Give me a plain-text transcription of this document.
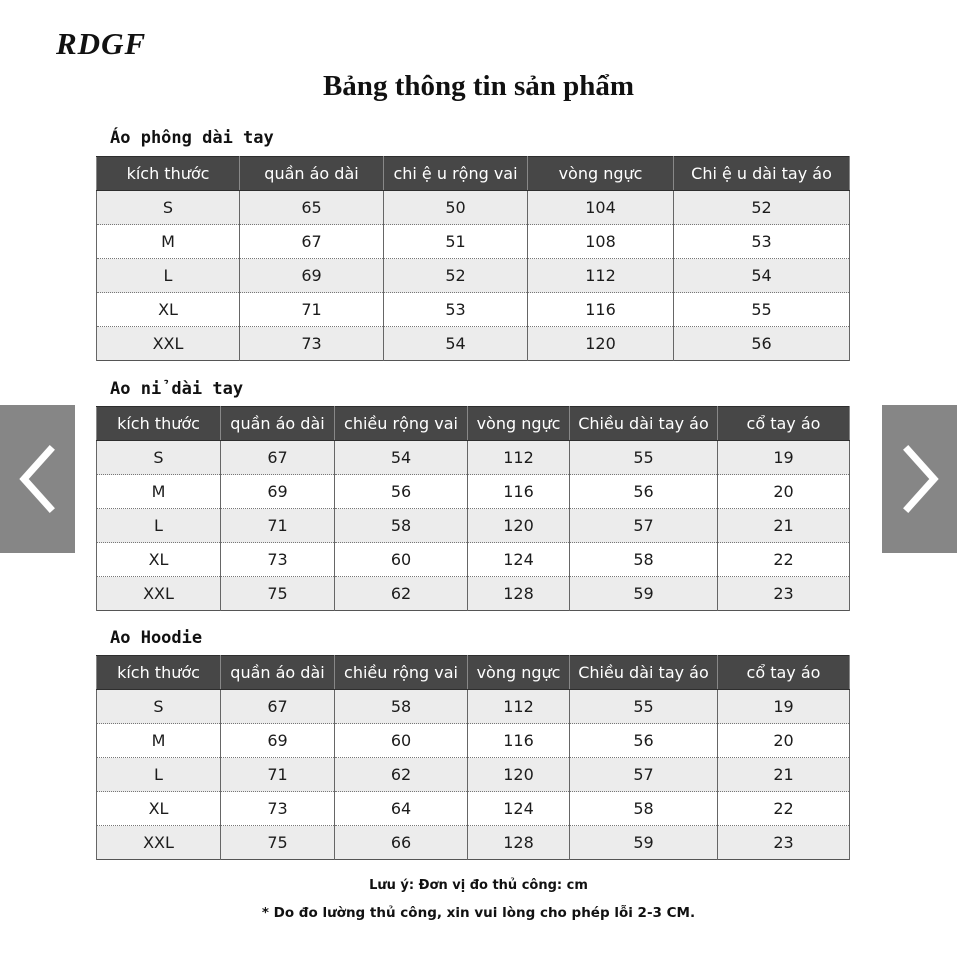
RDGF
Bảng thông tin sản phẩm
Áo phông dài tay
kích thước	quần áo dài	chi ệ u rộng vai	vòng ngực	Chi ệ u dài tay áo
S	65	50	104	52
M	67	51	108	53
L	69	52	112	54
XL	71	53	116	55
XXL	73	54	120	56
Ao nỉ dài tay
kích thước	quần áo dài	chiều rộng vai	vòng ngực	Chiều dài tay áo	cổ tay áo
S	67	54	112	55	19
M	69	56	116	56	20
L	71	58	120	57	21
XL	73	60	124	58	22
XXL	75	62	128	59	23
Ao Hoodie
kích thước	quần áo dài	chiều rộng vai	vòng ngực	Chiều dài tay áo	cổ tay áo
S	67	58	112	55	19
M	69	60	116	56	20
L	71	62	120	57	21
XL	73	64	124	58	22
XXL	75	66	128	59	23
Lưu ý: Đơn vị đo thủ công: cm
* Do đo lường thủ công, xin vui lòng cho phép lỗi 2-3 CM.
